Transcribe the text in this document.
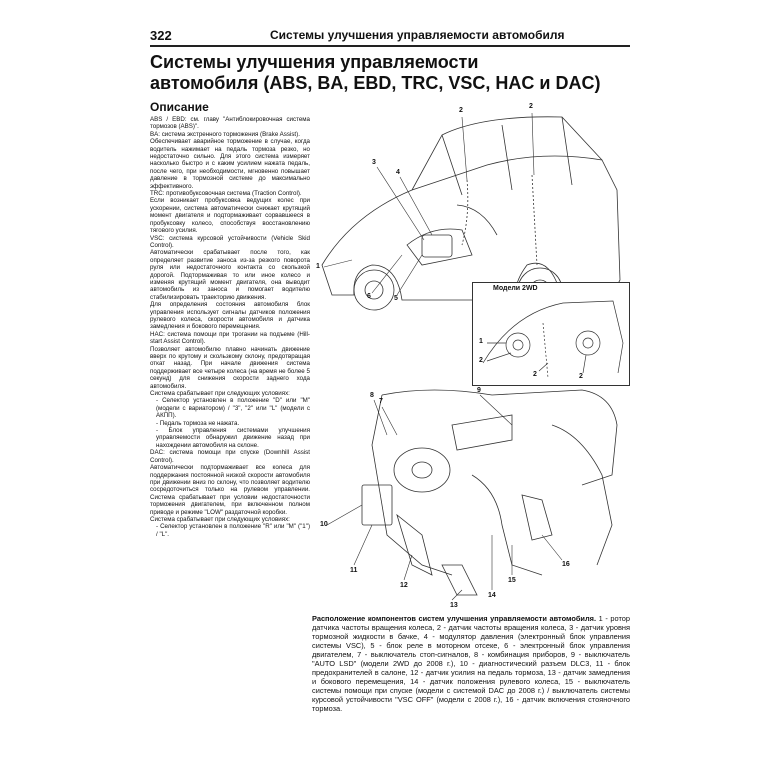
322	Системы улучшения управляемости автомобиля
Системы улучшения управляемости
автомобиля (ABS, BA, EBD, TRC, VSC, HAC и DAC)
Описание

ABS / EBD: см. главу "Антиблокировочная система тормозов (ABS)".

BA: система экстренного торможения (Brake Assist).

Обеспечивает аварийное торможение в случае, когда водитель нажимает на педаль тормоза резко, но недостаточно сильно. Для этого система измеряет насколько быстро и с каким усилием нажата педаль, после чего, при необходимости, мгновенно повышает давление в тормозной системе до максимально эффективного.

TRC: противобуксовочная система (Traction Control).

Если возникает пробуксовка ведущих колес при ускорении, система автоматически снижает крутящий момент двигателя и подтормаживает сорвавшееся в пробуксовку колесо, способствуя восстановлению тягового усилия.

VSC: система курсовой устойчивости (Vehicle Skid Control).

Автоматически срабатывает после того, как определяет развитие заноса из-за резкого поворота руля или недостаточного контакта со скользкой дорогой. Подтормаживая то или иное колесо и изменяя крутящий момент двигателя, она выводит автомобиль из заноса и помогает водителю стабилизировать траекторию движения.

Для определения состояния автомобиля блок управления использует сигналы датчиков положения рулевого колеса, скорости автомобиля и датчика замедления и бокового перемещения.

HAC: система помощи при трогании на подъеме (Hill-start Assist Control).

Позволяет автомобилю плавно начинать движение вверх по крутому и скользкому склону, предотвращая откат назад. При начале движения система поддерживает все четыре колеса (на время не более 5 секунд) для снижения скорости заднего хода автомобиля.

Система срабатывает при следующих условиях:

- Селектор установлен в положение "D" или "M" (модели с вариатором) / "3", "2" или "L" (модели с АКПП).

- Педаль тормоза не нажата.

- Блок управления системами улучшения управляемости обнаружил движение назад при нахождении автомобиля на склоне.

DAC: система помощи при спуске (Downhill Assist Control).

Автоматически подтормаживает все колеса для поддержания постоянной низкой скорости автомобиля при движении вниз по склону, что позволяет водителю сосредоточиться только на рулевом управлении. Система срабатывает при условии недостаточности торможения двигателем, при включенном полном приводе и режиме "LOW" раздаточной коробки.

Система срабатывает при следующих условиях:

- Селектор установлен в положение "R" или "M" ("1") / "L".

1
2
2
3
4
5
6
7
8
9
10
11
12
13
14
15
16
Модели 2WD
1
2
2	2
Расположение компонентов систем улучшения управляемости автомобиля. 1 - ротор датчика частоты вращения колеса, 2 - датчик частоты вращения колеса, 3 - датчик уровня тормозной жидкости в бачке, 4 - модулятор давления (электронный блок управления системы VSC), 5 - блок реле в моторном отсеке, 6 - электронный блок управления двигателем, 7 - выключатель стоп-сигналов, 8 - комбинация приборов, 9 - выключатель "AUTO LSD" (модели 2WD до 2008 г.), 10 - диагностический разъем DLC3, 11 - блок предохранителей в салоне, 12 - датчик усилия на педаль тормоза, 13 - датчик замедления и бокового перемещения, 14 - датчик положения рулевого колеса, 15 - выключатель системы помощи при спуске (модели с системой DAC до 2008 г.) / выключатель системы курсовой устойчивости "VSC OFF" (модели с 2008 г.), 16 - датчик включения стояночного тормоза.
